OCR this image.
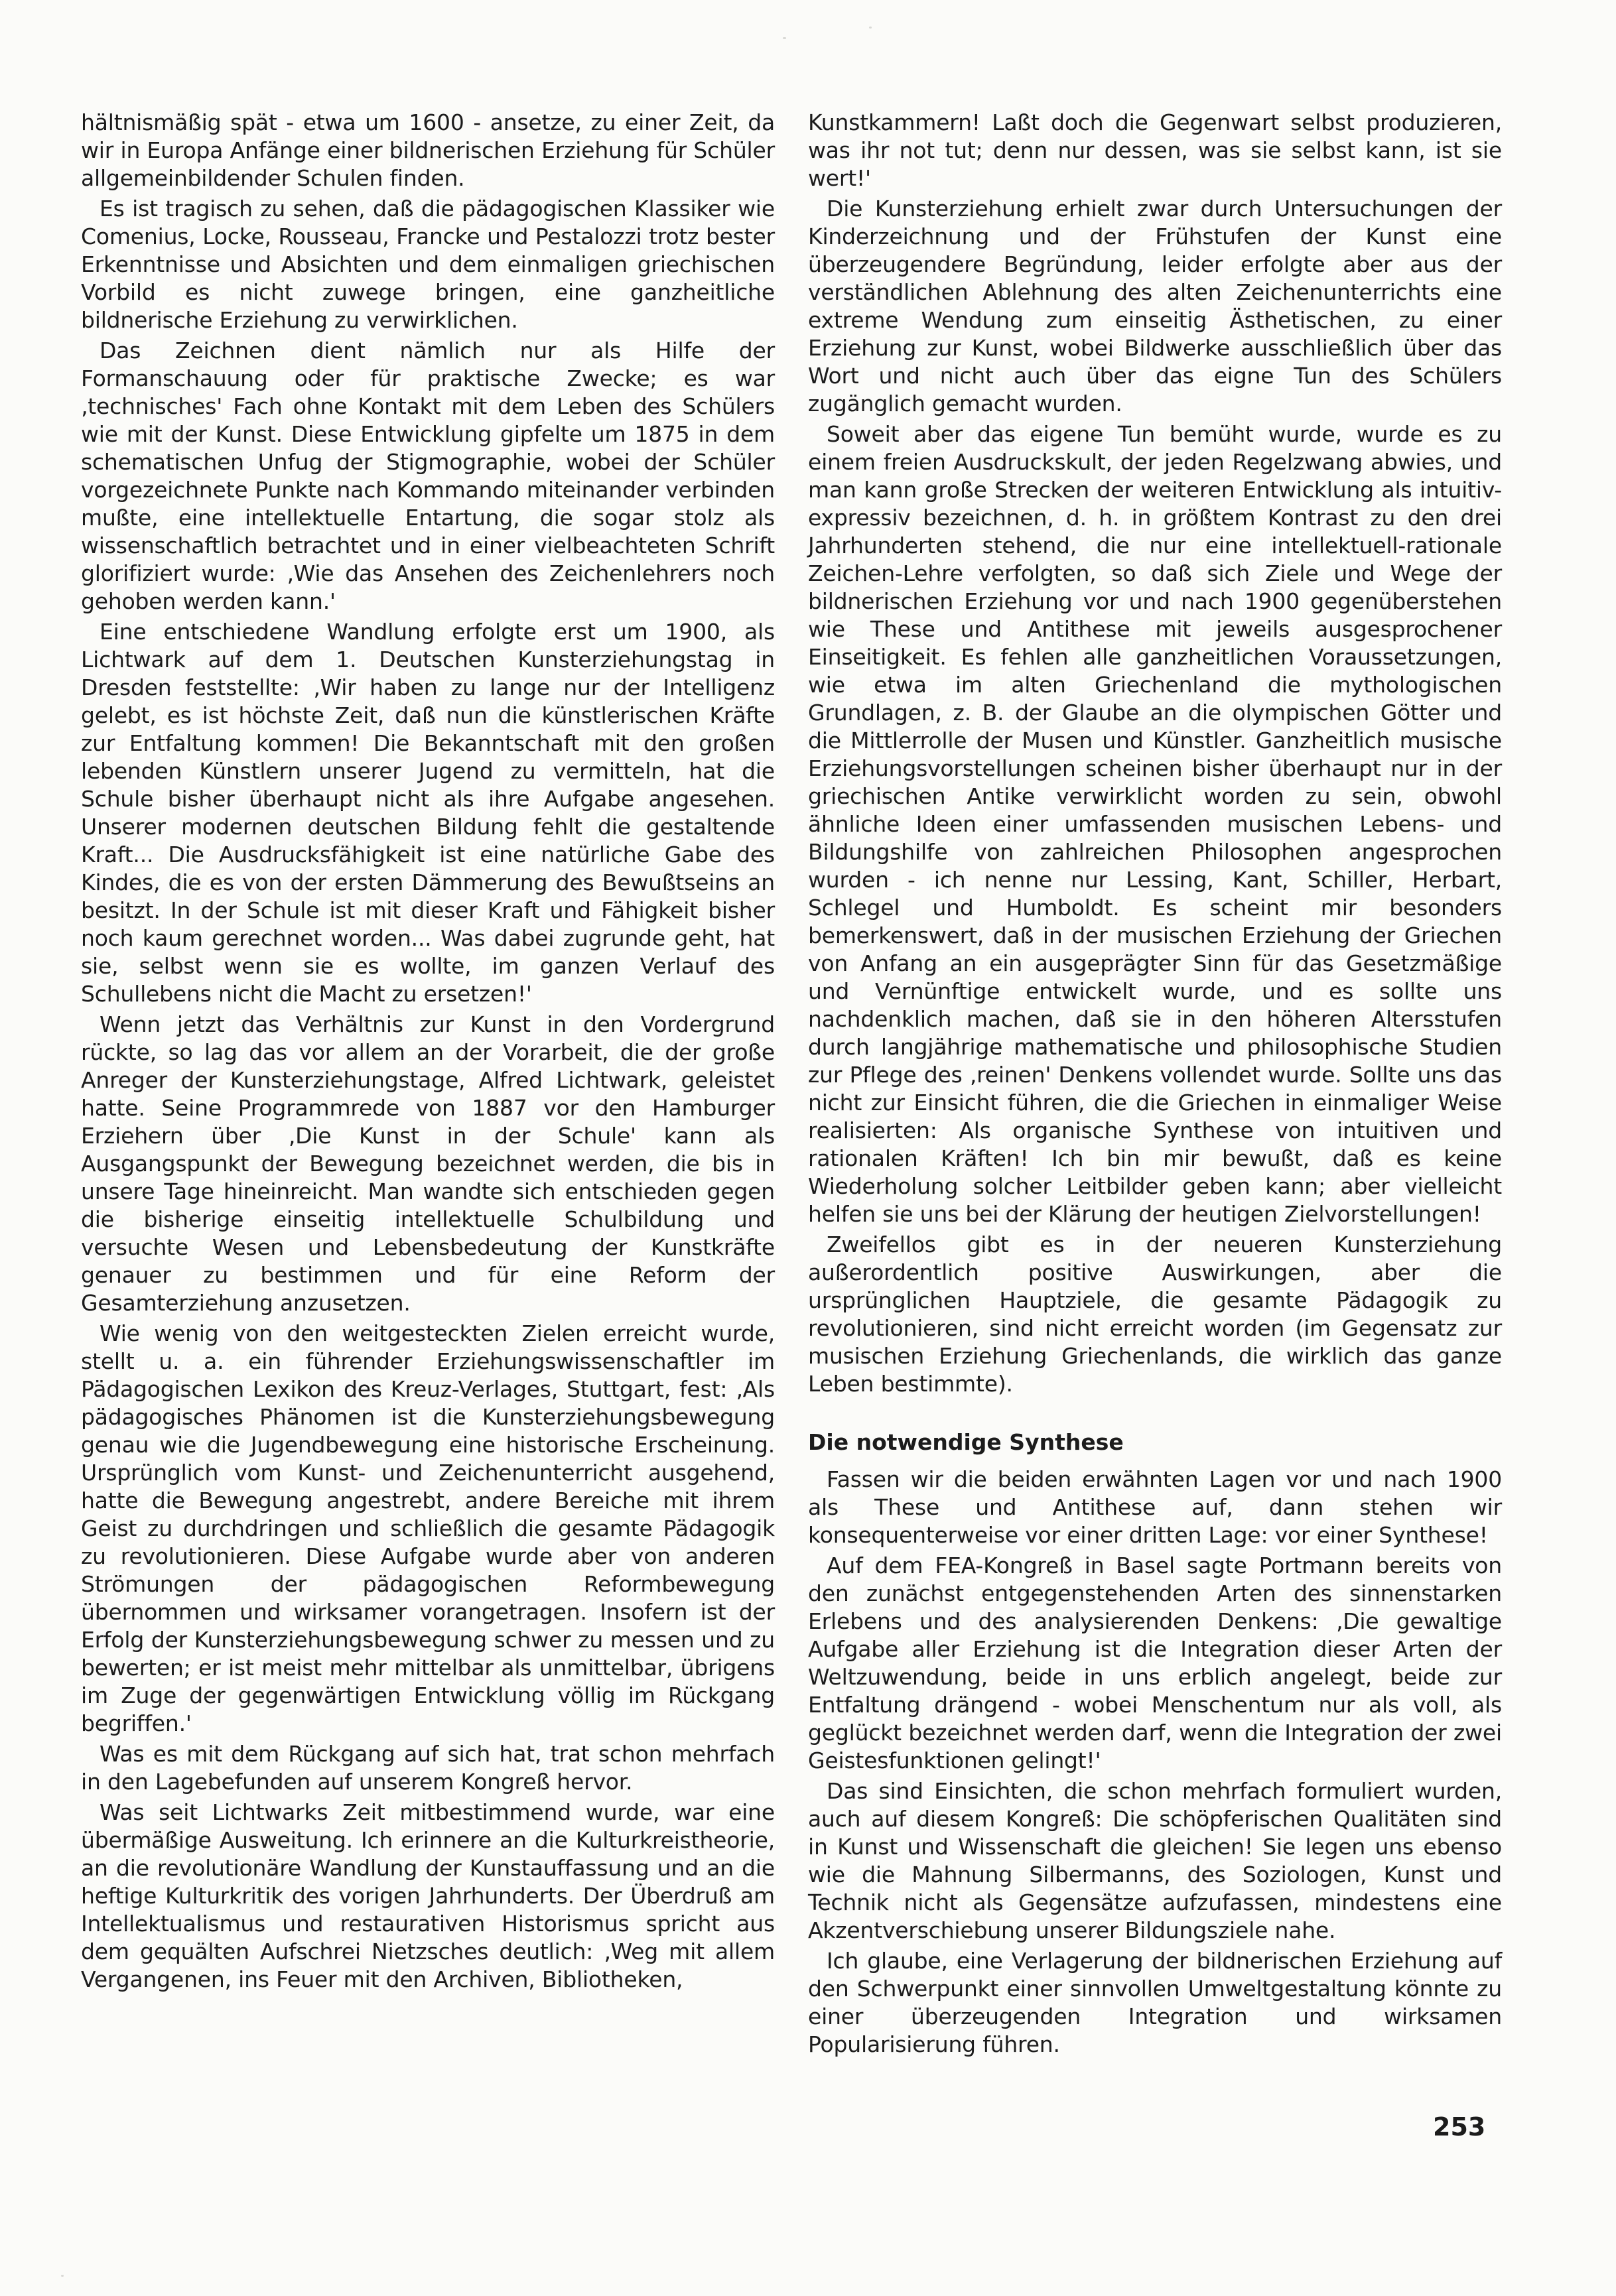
hältnismäßig spät - etwa um 1600 - ansetze, zu einer Zeit, da wir in Europa Anfänge einer bildnerischen Erziehung für Schüler allgemeinbildender Schulen finden.

Es ist tragisch zu sehen, daß die pädagogischen Klassiker wie Comenius, Locke, Rousseau, Francke und Pestalozzi trotz bester Erkenntnisse und Absichten und dem einmaligen griechischen Vorbild es nicht zuwege bringen, eine ganzheitliche bildnerische Erziehung zu verwirklichen.

Das Zeichnen dient nämlich nur als Hilfe der Formanschauung oder für praktische Zwecke; es war ‚technisches' Fach ohne Kontakt mit dem Leben des Schülers wie mit der Kunst. Diese Entwicklung gipfelte um 1875 in dem schematischen Unfug der Stigmographie, wobei der Schüler vorgezeichnete Punkte nach Kommando miteinander verbinden mußte, eine intellektuelle Entartung, die sogar stolz als wissenschaftlich betrachtet und in einer vielbeachteten Schrift glorifiziert wurde: ‚Wie das Ansehen des Zeichenlehrers noch gehoben werden kann.'

Eine entschiedene Wandlung erfolgte erst um 1900, als Lichtwark auf dem 1. Deutschen Kunsterziehungstag in Dresden feststellte: ‚Wir haben zu lange nur der Intelligenz gelebt, es ist höchste Zeit, daß nun die künstlerischen Kräfte zur Entfaltung kommen! Die Bekanntschaft mit den großen lebenden Künstlern unserer Jugend zu vermitteln, hat die Schule bisher überhaupt nicht als ihre Aufgabe angesehen. Unserer modernen deutschen Bildung fehlt die gestaltende Kraft... Die Ausdrucksfähigkeit ist eine natürliche Gabe des Kindes, die es von der ersten Dämmerung des Bewußtseins an besitzt. In der Schule ist mit dieser Kraft und Fähigkeit bisher noch kaum gerechnet worden... Was dabei zugrunde geht, hat sie, selbst wenn sie es wollte, im ganzen Verlauf des Schullebens nicht die Macht zu ersetzen!'

Wenn jetzt das Verhältnis zur Kunst in den Vordergrund rückte, so lag das vor allem an der Vorarbeit, die der große Anreger der Kunsterziehungstage, Alfred Lichtwark, geleistet hatte. Seine Programmrede von 1887 vor den Hamburger Erziehern über ‚Die Kunst in der Schule' kann als Ausgangspunkt der Bewegung bezeichnet werden, die bis in unsere Tage hineinreicht. Man wandte sich entschieden gegen die bisherige einseitig intellektuelle Schulbildung und versuchte Wesen und Lebensbedeutung der Kunstkräfte genauer zu bestimmen und für eine Reform der Gesamterziehung anzusetzen.

Wie wenig von den weitgesteckten Zielen erreicht wurde, stellt u. a. ein führender Erziehungswissenschaftler im Pädagogischen Lexikon des Kreuz-Verlages, Stuttgart, fest: ‚Als pädagogisches Phänomen ist die Kunsterziehungsbewegung genau wie die Jugendbewegung eine historische Erscheinung. Ursprünglich vom Kunst- und Zeichenunterricht ausgehend, hatte die Bewegung angestrebt, andere Bereiche mit ihrem Geist zu durchdringen und schließlich die gesamte Pädagogik zu revolutionieren. Diese Aufgabe wurde aber von anderen Strömungen der pädagogischen Reformbewegung übernommen und wirksamer vorangetragen. Insofern ist der Erfolg der Kunsterziehungsbewegung schwer zu messen und zu bewerten; er ist meist mehr mittelbar als unmittelbar, übrigens im Zuge der gegenwärtigen Entwicklung völlig im Rückgang begriffen.'

Was es mit dem Rückgang auf sich hat, trat schon mehrfach in den Lagebefunden auf unserem Kongreß hervor.

Was seit Lichtwarks Zeit mitbestimmend wurde, war eine übermäßige Ausweitung. Ich erinnere an die Kulturkreistheorie, an die revolutionäre Wandlung der Kunstauffassung und an die heftige Kulturkritik des vorigen Jahrhunderts. Der Überdruß am Intellektualismus und restaurativen Historismus spricht aus dem gequälten Aufschrei Nietzsches deutlich: ‚Weg mit allem Vergangenen, ins Feuer mit den Archiven, Bibliotheken,

Kunstkammern! Laßt doch die Gegenwart selbst produzieren, was ihr not tut; denn nur dessen, was sie selbst kann, ist sie wert!'

Die Kunsterziehung erhielt zwar durch Untersuchungen der Kinderzeichnung und der Frühstufen der Kunst eine überzeugendere Begründung, leider erfolgte aber aus der verständlichen Ablehnung des alten Zeichenunterrichts eine extreme Wendung zum einseitig Ästhetischen, zu einer Erziehung zur Kunst, wobei Bildwerke ausschließlich über das Wort und nicht auch über das eigne Tun des Schülers zugänglich gemacht wurden.

Soweit aber das eigene Tun bemüht wurde, wurde es zu einem freien Ausdruckskult, der jeden Regelzwang abwies, und man kann große Strecken der weiteren Entwicklung als intuitiv-expressiv bezeichnen, d. h. in größtem Kontrast zu den drei Jahrhunderten stehend, die nur eine intellektuell-rationale Zeichen-Lehre verfolgten, so daß sich Ziele und Wege der bildnerischen Erziehung vor und nach 1900 gegenüberstehen wie These und Antithese mit jeweils ausgesprochener Einseitigkeit. Es fehlen alle ganzheitlichen Voraussetzungen, wie etwa im alten Griechenland die mythologischen Grundlagen, z. B. der Glaube an die olympischen Götter und die Mittlerrolle der Musen und Künstler. Ganzheitlich musische Erziehungsvorstellungen scheinen bisher überhaupt nur in der griechischen Antike verwirklicht worden zu sein, obwohl ähnliche Ideen einer umfassenden musischen Lebens- und Bildungshilfe von zahlreichen Philosophen angesprochen wurden - ich nenne nur Lessing, Kant, Schiller, Herbart, Schlegel und Humboldt. Es scheint mir besonders bemerkenswert, daß in der musischen Erziehung der Griechen von Anfang an ein ausgeprägter Sinn für das Gesetzmäßige und Vernünftige entwickelt wurde, und es sollte uns nachdenklich machen, daß sie in den höheren Altersstufen durch langjährige mathematische und philosophische Studien zur Pflege des ‚reinen' Denkens vollendet wurde. Sollte uns das nicht zur Einsicht führen, die die Griechen in einmaliger Weise realisierten: Als organische Synthese von intuitiven und rationalen Kräften! Ich bin mir bewußt, daß es keine Wiederholung solcher Leitbilder geben kann; aber vielleicht helfen sie uns bei der Klärung der heutigen Zielvorstellungen!

Zweifellos gibt es in der neueren Kunsterziehung außerordentlich positive Auswirkungen, aber die ursprünglichen Hauptziele, die gesamte Pädagogik zu revolutionieren, sind nicht erreicht worden (im Gegensatz zur musischen Erziehung Griechenlands, die wirklich das ganze Leben bestimmte).

Die notwendige Synthese

Fassen wir die beiden erwähnten Lagen vor und nach 1900 als These und Antithese auf, dann stehen wir konsequenterweise vor einer dritten Lage: vor einer Synthese!

Auf dem FEA-Kongreß in Basel sagte Portmann bereits von den zunächst entgegenstehenden Arten des sinnenstarken Erlebens und des analysierenden Denkens: ‚Die gewaltige Aufgabe aller Erziehung ist die Integration dieser Arten der Weltzuwendung, beide in uns erblich angelegt, beide zur Entfaltung drängend - wobei Menschentum nur als voll, als geglückt bezeichnet werden darf, wenn die Integration der zwei Geistesfunktionen gelingt!'

Das sind Einsichten, die schon mehrfach formuliert wurden, auch auf diesem Kongreß: Die schöpferischen Qualitäten sind in Kunst und Wissenschaft die gleichen! Sie legen uns ebenso wie die Mahnung Silbermanns, des Soziologen, Kunst und Technik nicht als Gegensätze aufzufassen, mindestens eine Akzentverschiebung unserer Bildungsziele nahe.

Ich glaube, eine Verlagerung der bildnerischen Erziehung auf den Schwerpunkt einer sinnvollen Umweltgestaltung könnte zu einer überzeugenden Integration und wirksamen Popularisierung führen.

253
